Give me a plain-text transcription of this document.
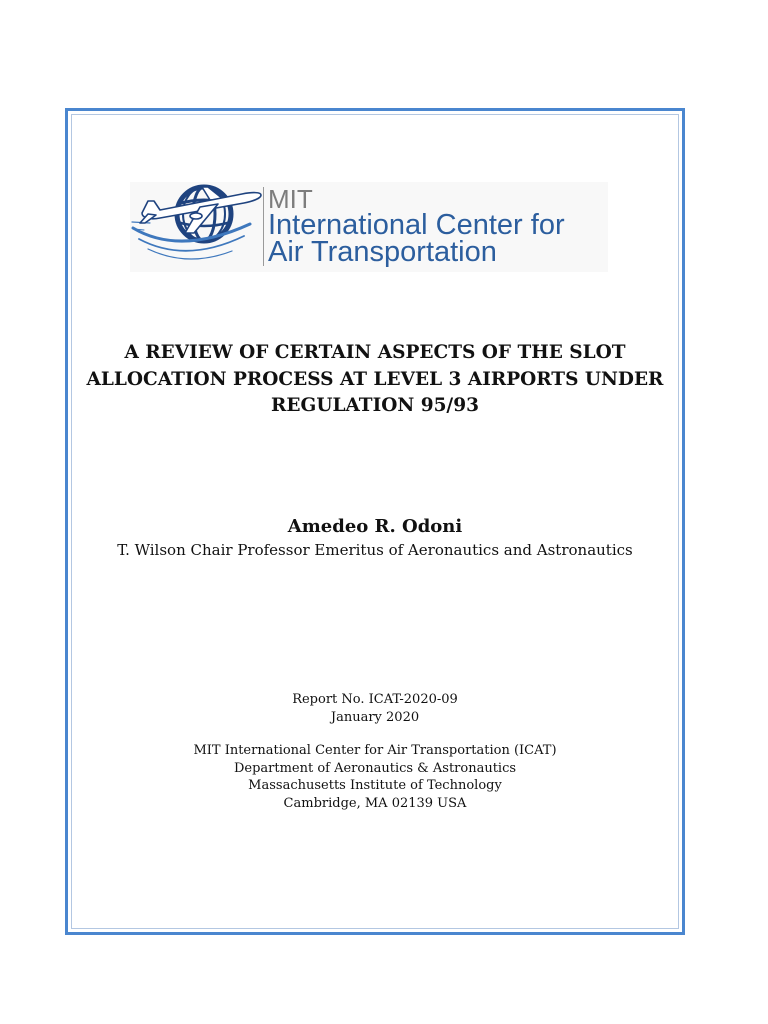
MIT
International Center for
Air Transportation
A REVIEW OF CERTAIN ASPECTS OF THE SLOT
ALLOCATION PROCESS AT LEVEL 3 AIRPORTS UNDER
REGULATION 95/93
Amedeo R. Odoni
T. Wilson Chair Professor Emeritus of Aeronautics and Astronautics
Report No. ICAT-2020-09
January 2020
MIT International Center for Air Transportation (ICAT)
Department of Aeronautics & Astronautics
Massachusetts Institute of Technology
Cambridge, MA 02139 USA
